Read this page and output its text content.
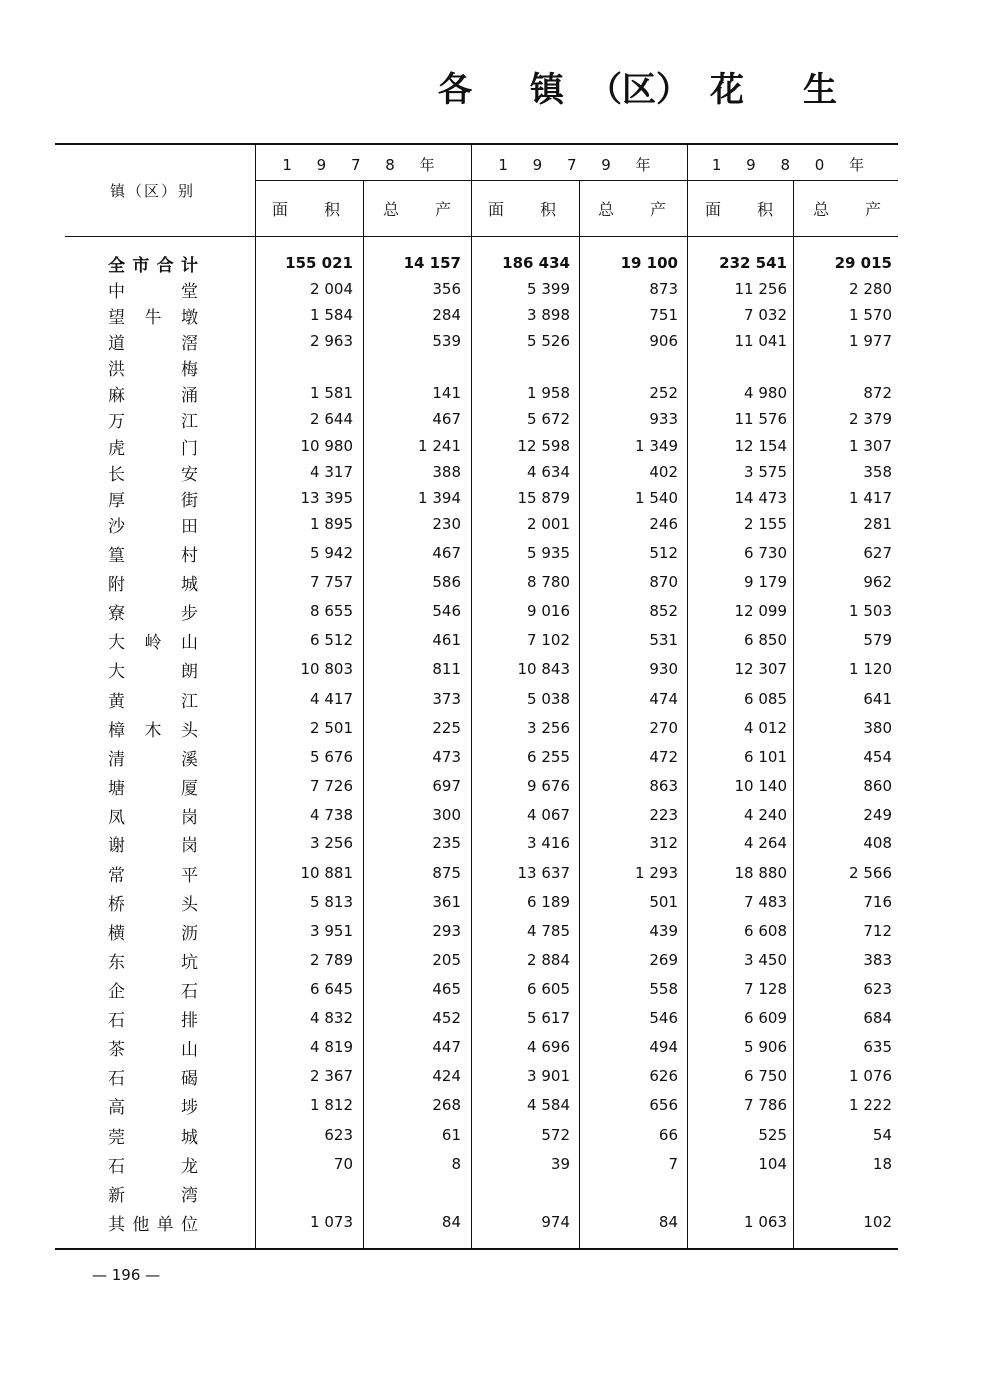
各 镇 （区） 花 生
镇（区）别
1 9 7 8 年	1 9 7 9 年	1 9 8 0 年
面 积	总 产 面 积	总 产 面 积 总 产
全 市 合 计	155 021	14 157	186 434	19 100	232 541	29 015
中	堂	2 004	356	5 399	873	11 256	2 280
望 牛 墩	1 584	284	3 898	751	7 032	1 570
道	滘	2 963	539	5 526	906	11 041	1 977
洪	梅
麻	涌	1 581	141	1 958	252	4 980	872
万	江	2 644	467	5 672	933	11 576	2 379
虎	门	10 980	1 241	12 598	1 349	12 154	1 307
长	安	4 317	388	4 634	402	3 575	358
厚	街	13 395	1 394	15 879	1 540	14 473	1 417
沙	田	1 895	230	2 001	246	2 155	281
篁	村	5 942	467	5 935	512	6 730	627
附	城	7 757	586	8 780	870	9 179	962
寮	步	8 655	546	9 016	852	12 099	1 503
大 岭 山	6 512	461	7 102	531	6 850	579
大	朗	10 803	811	10 843	930	12 307	1 120
黄	江	4 417	373	5 038	474	6 085	641
樟 木 头	2 501	225	3 256	270	4 012	380
清	溪	5 676	473	6 255	472	6 101	454
塘	厦	7 726	697	9 676	863	10 140	860
凤	岗	4 738	300	4 067	223	4 240	249
谢	岗	3 256	235	3 416	312	4 264	408
常	平	10 881	875	13 637	1 293	18 880	2 566
桥	头	5 813	361	6 189	501	7 483	716
横	沥	3 951	293	4 785	439	6 608	712
东	坑	2 789	205	2 884	269	3 450	383
企	石	6 645	465	6 605	558	7 128	623
石	排	4 832	452	5 617	546	6 609	684
茶	山	4 819	447	4 696	494	5 906	635
石	碣	2 367	424	3 901	626	6 750	1 076
高	埗	1 812	268	4 584	656	7 786	1 222
莞	城	623	61	572	66	525	54
石	龙	70	8	39	7	104	18
新	湾
其 他 单 位	1 073	84	974	84	1 063	102
— 196 —
